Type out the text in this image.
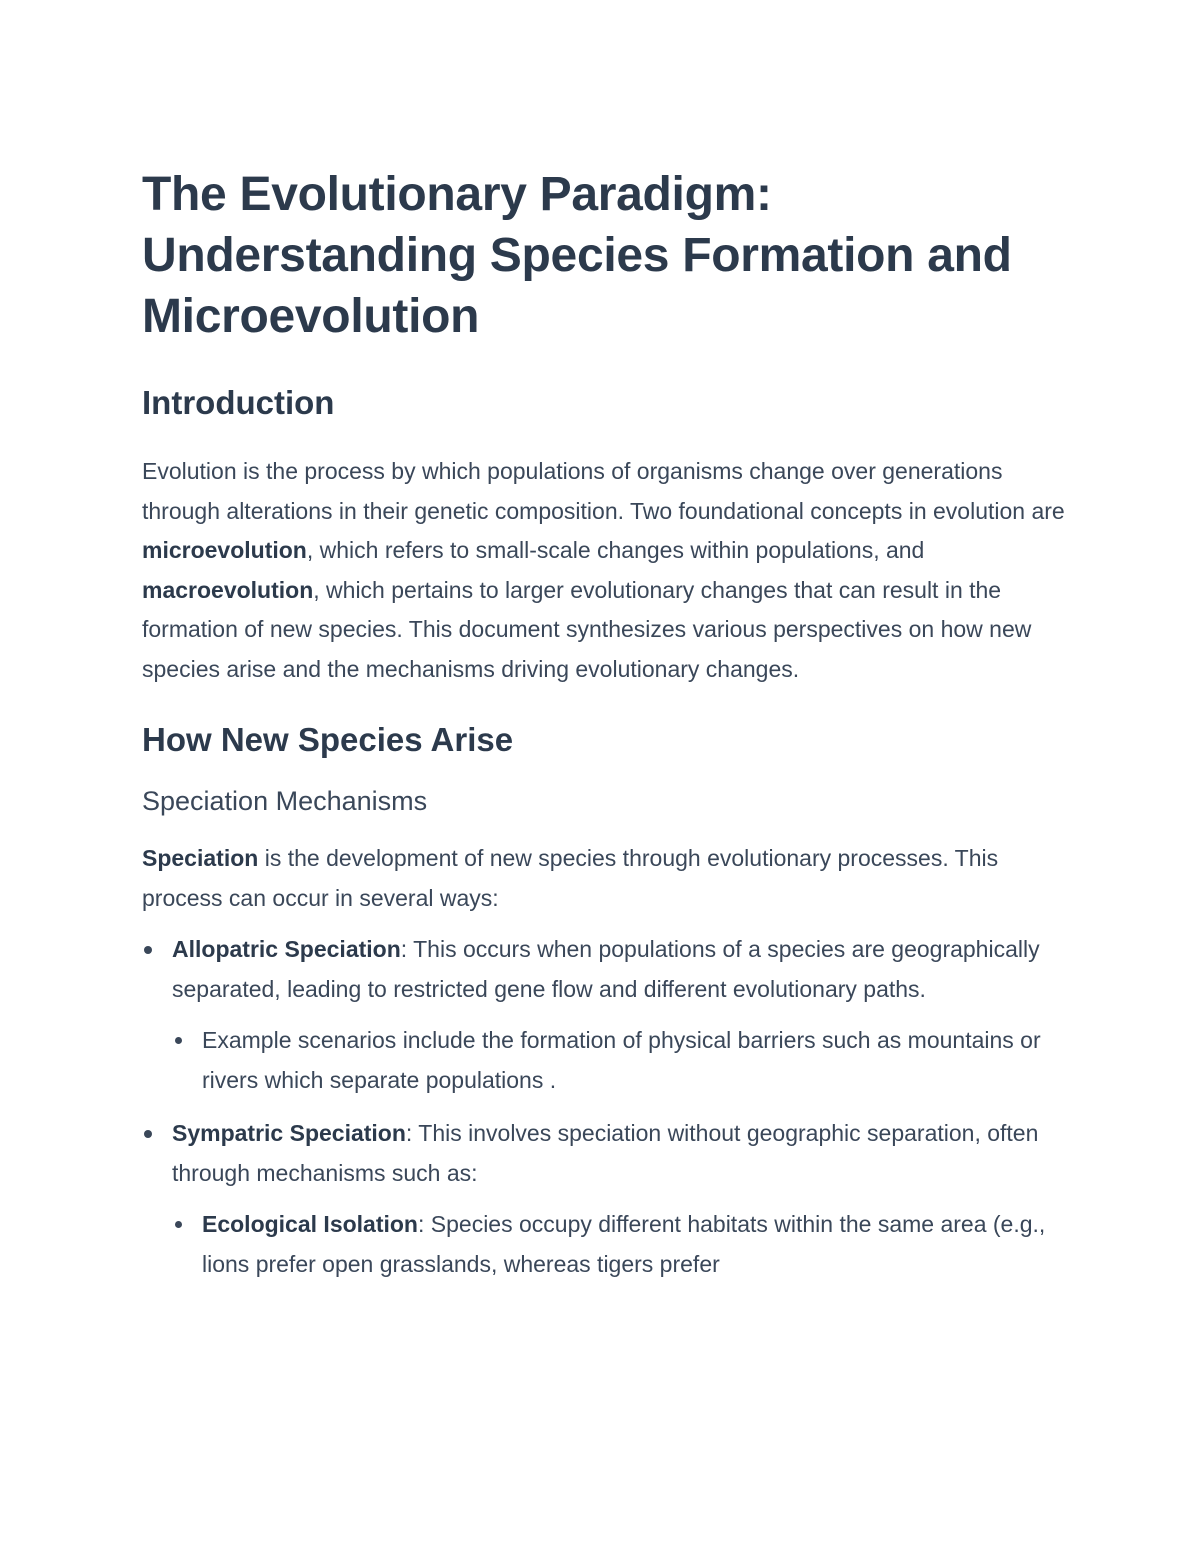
The Evolutionary Paradigm: Understanding Species Formation and Microevolution
Introduction

Evolution is the process by which populations of organisms change over generations through alterations in their genetic composition. Two foundational concepts in evolution are microevolution, which refers to small-scale changes within populations, and macroevolution, which pertains to larger evolutionary changes that can result in the formation of new species. This document synthesizes various perspectives on how new species arise and the mechanisms driving evolutionary changes.

How New Species Arise
Speciation Mechanisms

Speciation is the development of new species through evolutionary processes. This process can occur in several ways:

Allopatric Speciation: This occurs when populations of a species are geographically separated, leading to restricted gene flow and different evolutionary paths.
Example scenarios include the formation of physical barriers such as mountains or rivers which separate populations .
Sympatric Speciation: This involves speciation without geographic separation, often through mechanisms such as:
Ecological Isolation: Species occupy different habitats within the same area (e.g., lions prefer open grasslands, whereas tigers prefer
